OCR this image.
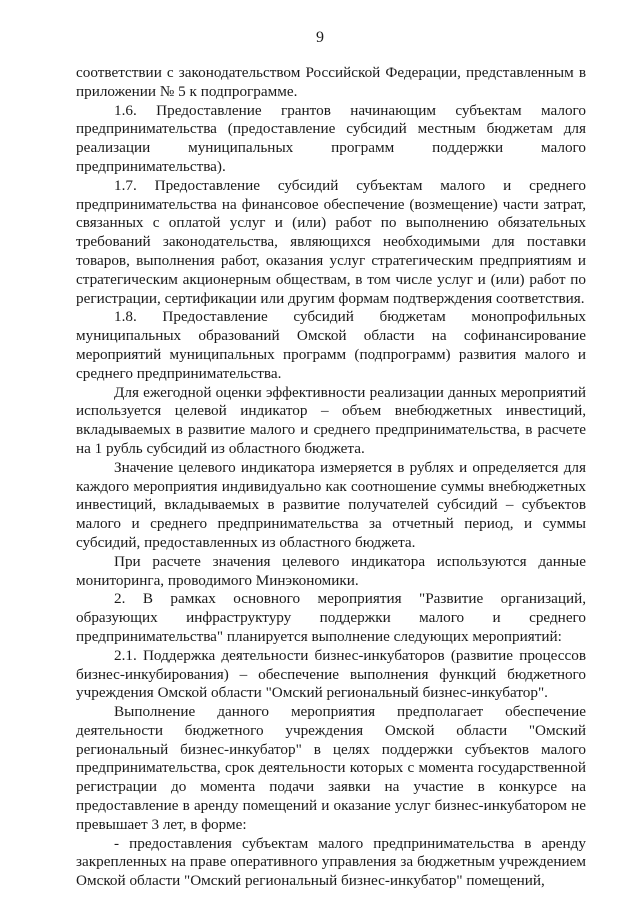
9

соответствии с законодательством Российской Федерации, представленным в приложении № 5 к подпрограмме.

1.6. Предоставление грантов начинающим субъектам малого предпринимательства (предоставление субсидий местным бюджетам для реализации муниципальных программ поддержки малого предпринимательства).

1.7. Предоставление субсидий субъектам малого и среднего предпринимательства на финансовое обеспечение (возмещение) части затрат, связанных с оплатой услуг и (или) работ по выполнению обязательных требований законодательства, являющихся необходимыми для поставки товаров, выполнения работ, оказания услуг стратегическим предприятиям и стратегическим акционерным обществам, в том числе услуг и (или) работ по регистрации, сертификации или другим формам подтверждения соответствия.

1.8. Предоставление субсидий бюджетам монопрофильных муниципальных образований Омской области на софинансирование мероприятий муниципальных программ (подпрограмм) развития малого и среднего предпринимательства.

Для ежегодной оценки эффективности реализации данных мероприятий используется целевой индикатор – объем внебюджетных инвестиций, вкладываемых в развитие малого и среднего предпринимательства, в расчете на 1 рубль субсидий из областного бюджета.

Значение целевого индикатора измеряется в рублях и определяется для каждого мероприятия индивидуально как соотношение суммы внебюджетных инвестиций, вкладываемых в развитие получателей субсидий – субъектов малого и среднего предпринимательства за отчетный период, и суммы субсидий, предоставленных из областного бюджета.

При расчете значения целевого индикатора используются данные мониторинга, проводимого Минэкономики.

2. В рамках основного мероприятия "Развитие организаций, образующих инфраструктуру поддержки малого и среднего предпринимательства" планируется выполнение следующих мероприятий:

2.1. Поддержка деятельности бизнес-инкубаторов (развитие процессов бизнес-инкубирования) – обеспечение выполнения функций бюджетного учреждения Омской области "Омский региональный бизнес-инкубатор".

Выполнение данного мероприятия предполагает обеспечение деятельности бюджетного учреждения Омской области "Омский региональный бизнес-инкубатор" в целях поддержки субъектов малого предпринимательства, срок деятельности которых с момента государственной регистрации до момента подачи заявки на участие в конкурсе на предоставление в аренду помещений и оказание услуг бизнес-инкубатором не превышает 3 лет, в форме:

- предоставления субъектам малого предпринимательства в аренду закрепленных на праве оперативного управления за бюджетным учреждением Омской области "Омский региональный бизнес-инкубатор" помещений,
